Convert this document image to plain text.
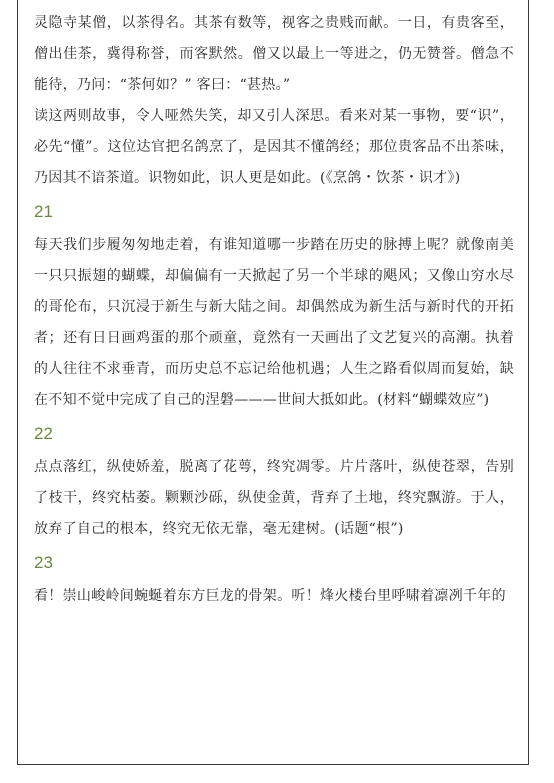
灵隐寺某僧，以茶得名。其茶有数等，视客之贵贱而献。一日，有贵客至，僧出佳茶，冀得称誉，而客默然。僧又以最上一等进之，仍无赞誉。僧急不能待，乃问：“茶何如？” 客曰：“甚热。”

读这两则故事，令人哑然失笑，却又引人深思。看来对某一事物，要“识”，必先“懂”。这位达官把名鸽烹了，是因其不懂鸽经；那位贵客品不出茶味，乃因其不谙茶道。识物如此，识人更是如此。(《烹鸽・饮茶・识才》)

21

每天我们步履匆匆地走着，有谁知道哪一步踏在历史的脉搏上呢？就像南美一只只振翅的蝴蝶，却偏偏有一天掀起了另一个半球的飓风；又像山穷水尽的哥伦布，只沉浸于新生与新大陆之间。却偶然成为新生活与新时代的开拓者；还有日日画鸡蛋的那个顽童，竟然有一天画出了文艺复兴的高潮。执着的人往往不求垂青，而历史总不忘记给他机遇；人生之路看似周而复始，缺在不知不觉中完成了自己的涅磐———世间大抵如此。(材料“蝴蝶效应”)

22

点点落红，纵使娇羞，脱离了花萼，终究凋零。片片落叶，纵使苍翠，告别了枝干，终究枯萎。颗颗沙砾，纵使金黄，背弃了土地，终究飘游。于人，放弃了自己的根本，终究无依无靠，毫无建树。(话题“根”)

23

看！崇山峻岭间蜿蜒着东方巨龙的骨架。听！烽火楼台里呼啸着凛冽千年的
